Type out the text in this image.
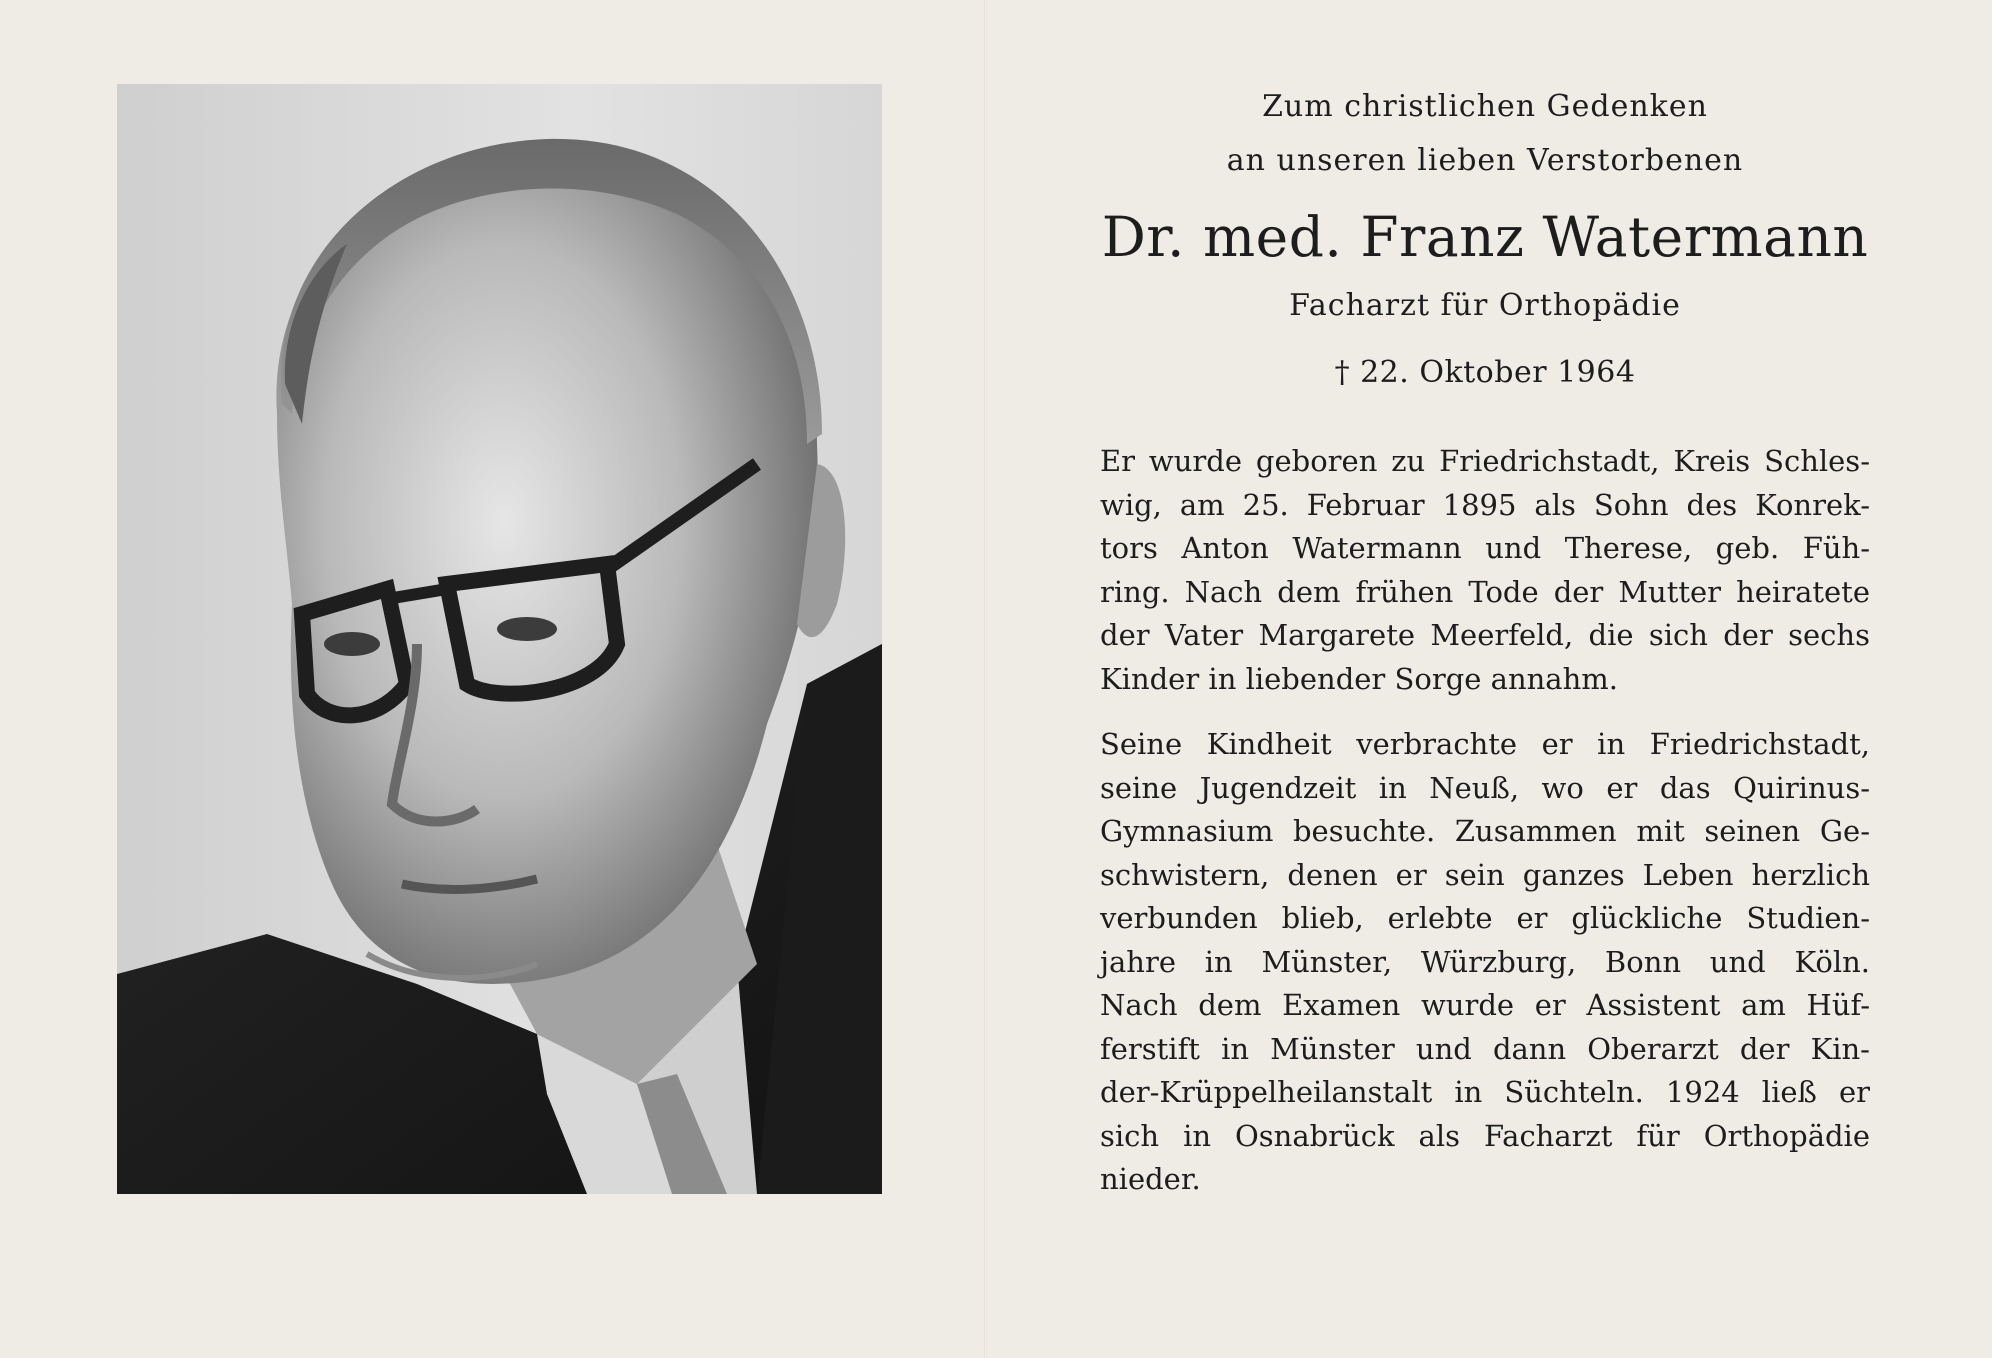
Zum christlichen Gedenken
an unseren lieben Verstorbenen
Dr. med. Franz Watermann
Facharzt für Orthopädie
† 22. Oktober 1964

Er wurde geboren zu Friedrichstadt, Kreis Schles-
wig, am 25. Februar 1895 als Sohn des Konrek-
tors Anton Watermann und Therese, geb. Füh-
ring. Nach dem frühen Tode der Mutter heiratete
der Vater Margarete Meerfeld, die sich der sechs
Kinder in liebender Sorge annahm.

Seine Kindheit verbrachte er in Friedrichstadt,
seine Jugendzeit in Neuß, wo er das Quirinus-
Gymnasium besuchte. Zusammen mit seinen Ge-
schwistern, denen er sein ganzes Leben herzlich
verbunden blieb, erlebte er glückliche Studien-
jahre in Münster, Würzburg, Bonn und Köln.
Nach dem Examen wurde er Assistent am Hüf-
ferstift in Münster und dann Oberarzt der Kin-
der-Krüppelheilanstalt in Süchteln. 1924 ließ er
sich in Osnabrück als Facharzt für Orthopädie
nieder.
